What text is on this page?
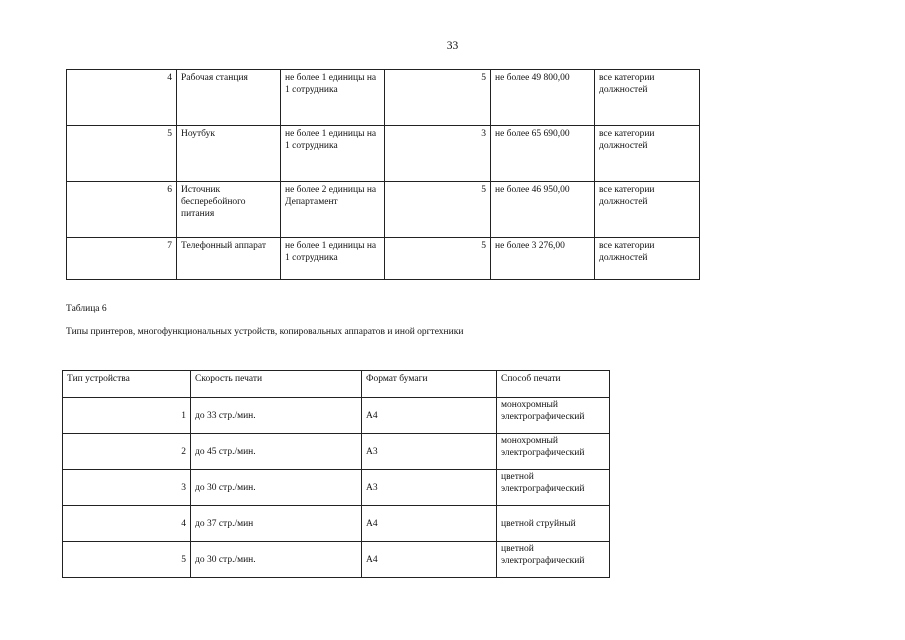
33
4	Рабочая станция	не более 1 единицы на 1 сотрудника	5	не более 49 800,00	все категории должностей
5	Ноутбук	не более 1 единицы на 1 сотрудника	3	не более 65 690,00	все категории должностей
6	Источник бесперебойного питания	не более 2 единицы на Департамент	5	не более 46 950,00	все категории должностей
7	Телефонный аппарат	не более 1 единицы на 1 сотрудника	5	не более 3 276,00	все категории должностей
Таблица 6
Типы принтеров, многофункциональных устройств, копировальных аппаратов и иной оргтехники
Тип устройства	Скорость печати	Формат бумаги	Способ печати
1	до 33 стр./мин.	А4	монохромный электрографический
2	до 45 стр./мин.	А3	монохромный электрографический
3	до 30 стр./мин.	А3	цветной электрографический
4	до 37 стр./мин	А4	цветной струйный
5	до 30 стр./мин.	А4	цветной электрографический
